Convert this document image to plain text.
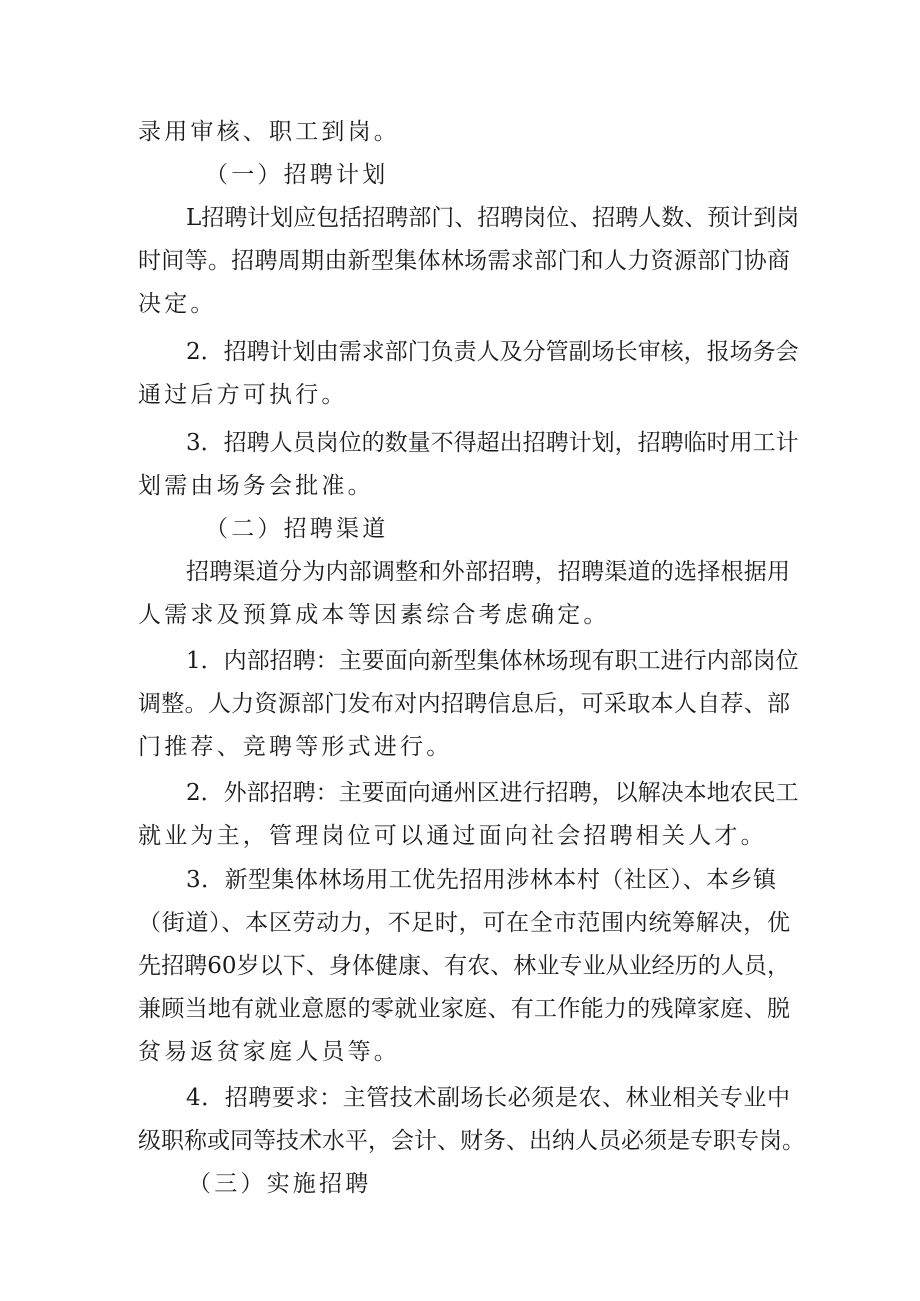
录用审核、职工到岗。
（一）招聘计划
L招聘计划应包括招聘部门、招聘岗位、招聘人数、预计到岗
时间等。招聘周期由新型集体林场需求部门和人力资源部门协商
决定。
2．招聘计划由需求部门负责人及分管副场长审核，报场务会
通过后方可执行。
3．招聘人员岗位的数量不得超出招聘计划，招聘临时用工计
划需由场务会批准。
（二）招聘渠道
招聘渠道分为内部调整和外部招聘，招聘渠道的选择根据用
人需求及预算成本等因素综合考虑确定。
1．内部招聘：主要面向新型集体林场现有职工进行内部岗位
调整。人力资源部门发布对内招聘信息后，可采取本人自荐、部
门推荐、竞聘等形式进行。
2．外部招聘：主要面向通州区进行招聘，以解决本地农民工
就业为主，管理岗位可以通过面向社会招聘相关人才。
3．新型集体林场用工优先招用涉林本村（社区）、本乡镇
（街道）、本区劳动力，不足时，可在全市范围内统筹解决，优
先招聘60岁以下、身体健康、有农、林业专业从业经历的人员，
兼顾当地有就业意愿的零就业家庭、有工作能力的残障家庭、脱
贫易返贫家庭人员等。
4．招聘要求：主管技术副场长必须是农、林业相关专业中
级职称或同等技术水平，会计、财务、出纳人员必须是专职专岗。
（三）实施招聘
